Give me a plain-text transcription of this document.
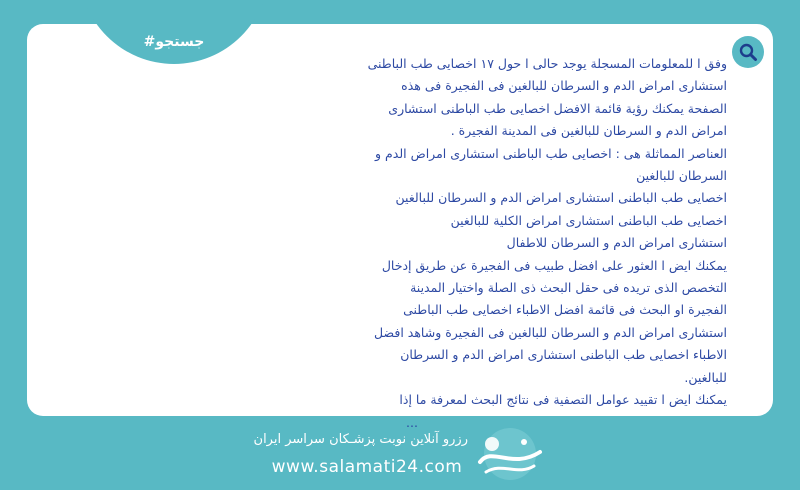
#جستجو
وفق ا للمعلومات المسجلة يوجد حالى ا حول ١٧ اخصايى طب الباطنى
استشارى امراض الدم و السرطان للبالغين فى الفجيرة فى هذه
الصفحة يمكنك رؤية قائمة الافضل اخصايى طب الباطنى استشارى
امراض الدم و السرطان للبالغين فى المدينة الفجيرة .
العناصر المماثلة هى : اخصايى طب الباطنى استشارى امراض الدم و
السرطان للبالغين
اخصايى طب الباطنى استشارى امراض الدم و السرطان للبالغين
اخصايى طب الباطنى استشارى امراض الكلية للبالغين
استشارى امراض الدم و السرطان للاطفال
يمكنك ايض ا العثور على افضل طبيب فى الفجيرة عن طريق إدخال
التخصص الذى تريده فى حقل البحث ذى الصلة واختيار المدينة
الفجيرة او البحث فى قائمة افضل الاطباء اخصايى طب الباطنى
استشارى امراض الدم و السرطان للبالغين فى الفجيرة وشاهد افضل
الاطباء اخصايى طب الباطنى استشارى امراض الدم و السرطان
للبالغين.
يمكنك ايض ا تقييد عوامل التصفية فى نتائج البحث لمعرفة ما إذا
...
رزرو آنلاین نوبت پزشـکان سراسر ایران
www.salamati24.com
